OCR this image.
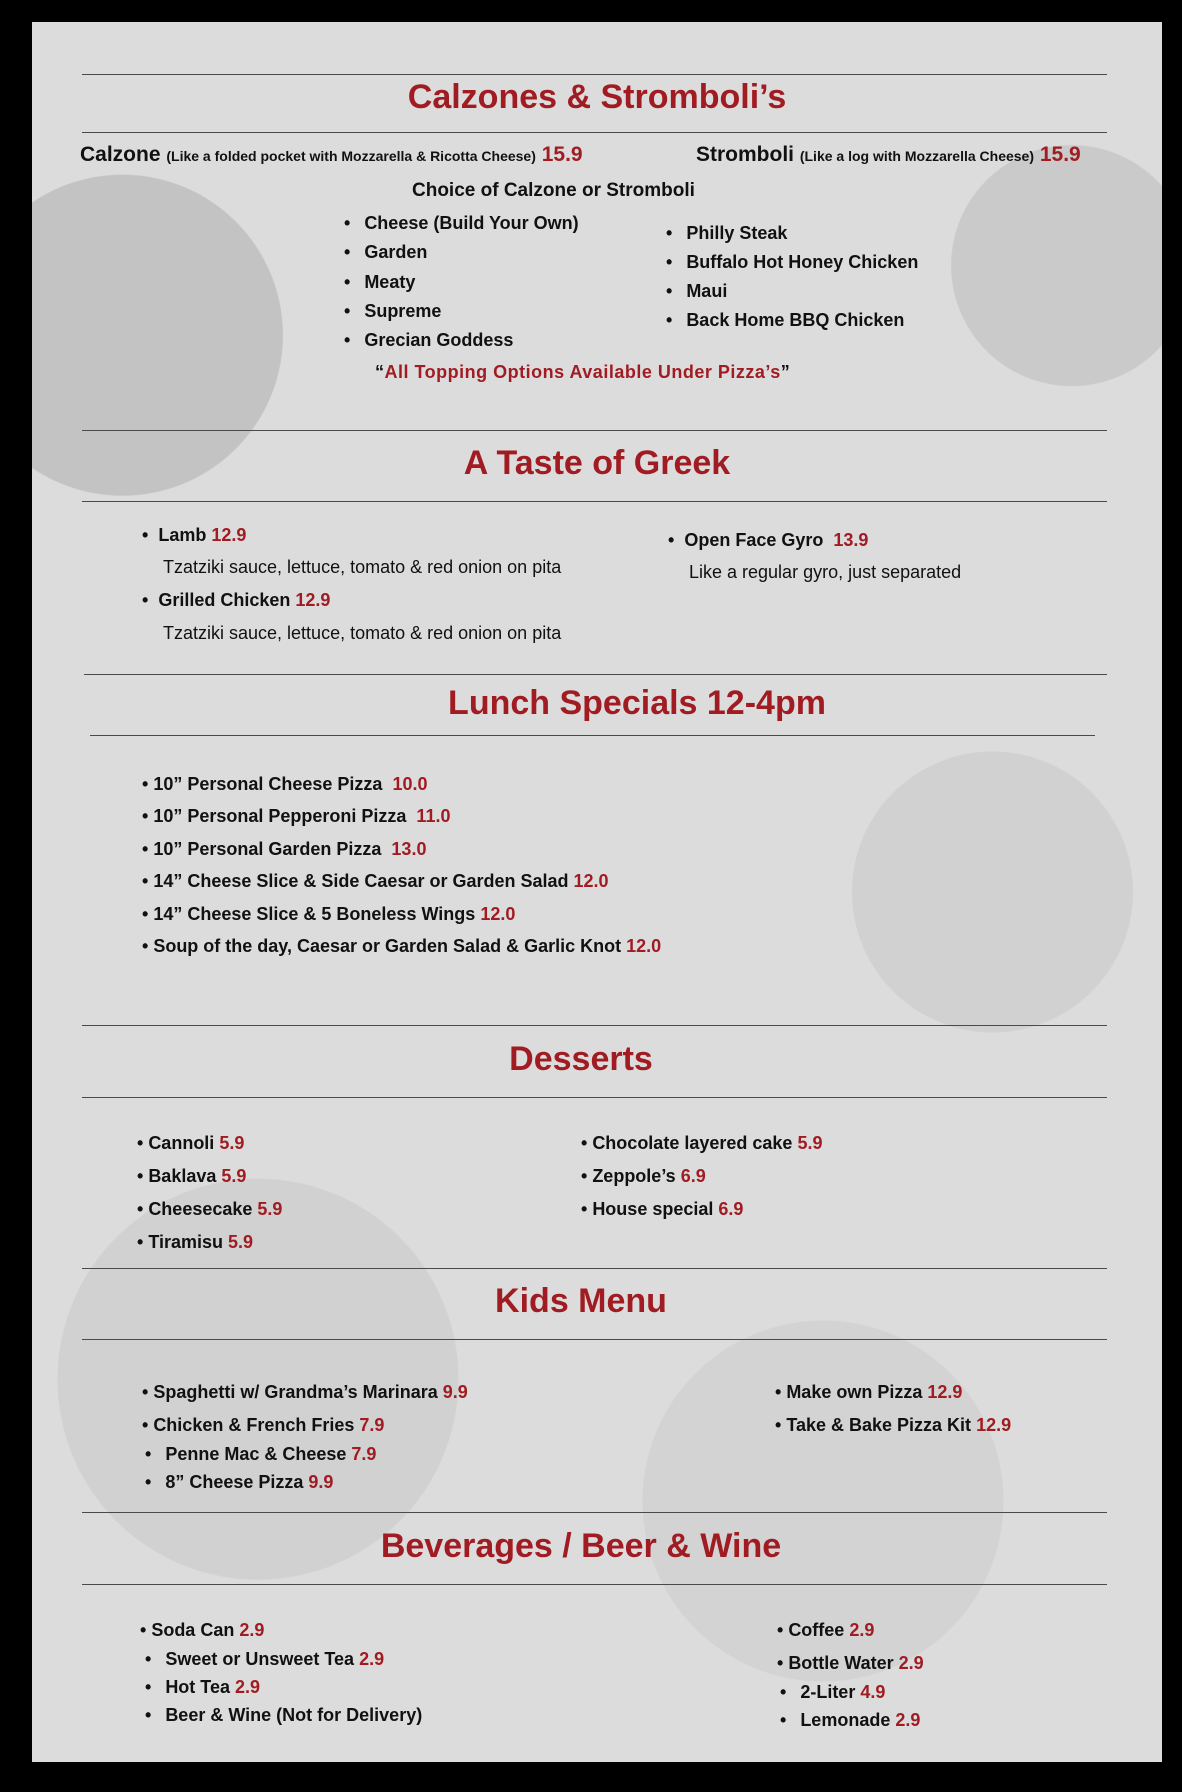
Calzones & Stromboli’s
Calzone (Like a folded pocket with Mozzarella & Ricotta Cheese) 15.9	Stromboli (Like a log with Mozzarella Cheese) 15.9
Choice of Calzone or Stromboli
• Cheese (Build Your Own)
• Garden
• Meaty
• Supreme
• Grecian Goddess
• Philly Steak
• Buffalo Hot Honey Chicken
• Maui
• Back Home BBQ Chicken
“All Topping Options Available Under Pizza’s”
A Taste of Greek
• Lamb 12.9
Tzatziki sauce, lettuce, tomato & red onion on pita
• Grilled Chicken 12.9
Tzatziki sauce, lettuce, tomato & red onion on pita
• Open Face Gyro 13.9
Like a regular gyro, just separated
Lunch Specials 12-4pm
• 10” Personal Cheese Pizza 10.0
• 10” Personal Pepperoni Pizza 11.0
• 10” Personal Garden Pizza 13.0
• 14” Cheese Slice & Side Caesar or Garden Salad 12.0
• 14” Cheese Slice & 5 Boneless Wings 12.0
• Soup of the day, Caesar or Garden Salad & Garlic Knot 12.0
Desserts
• Cannoli 5.9
• Baklava 5.9
• Cheesecake 5.9
• Tiramisu 5.9
• Chocolate layered cake 5.9
• Zeppole’s 6.9
• House special 6.9
Kids Menu
• Spaghetti w/ Grandma’s Marinara 9.9
• Chicken & French Fries 7.9
• Penne Mac & Cheese 7.9
• 8” Cheese Pizza 9.9
• Make own Pizza 12.9
• Take & Bake Pizza Kit 12.9
Beverages / Beer & Wine
• Soda Can 2.9
• Sweet or Unsweet Tea 2.9
• Hot Tea 2.9
• Beer & Wine (Not for Delivery)
• Coffee 2.9
• Bottle Water 2.9
• 2-Liter 4.9
• Lemonade 2.9
